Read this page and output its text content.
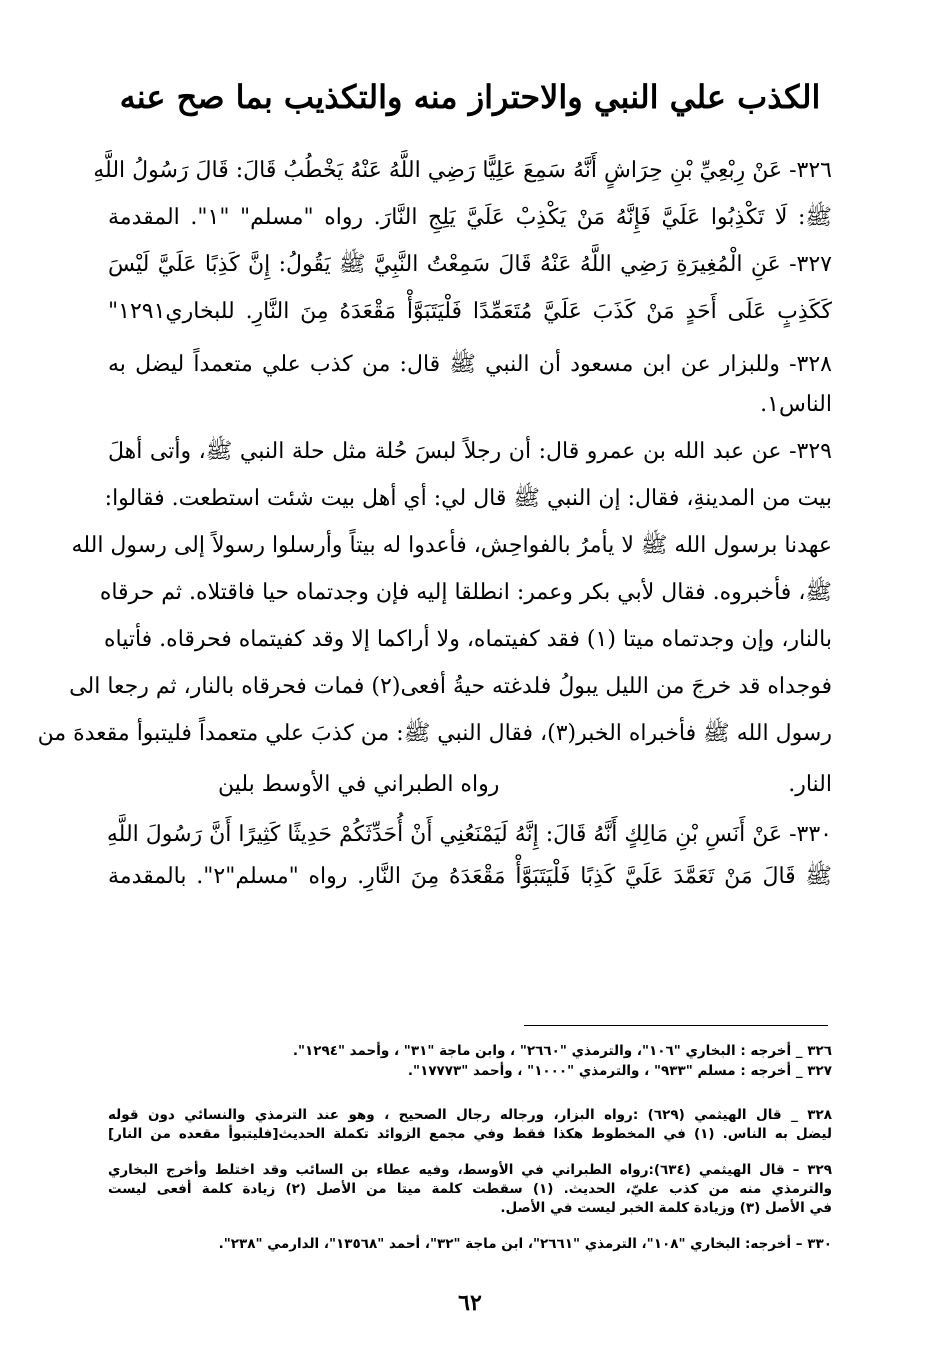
الكذب علي النبي والاحتراز منه والتكذيب بما صح عنه
٣٢٦- عَنْ رِبْعِيِّ بْنِ حِرَاشٍ أَنَّهُ سَمِعَ عَلِيًّا رَضِي اللَّهُ عَنْهُ يَخْطُبُ قَالَ: قَالَ رَسُولُ اللَّهِ
ﷺ: لَا تَكْذِبُوا عَلَيَّ فَإِنَّهُ مَنْ يَكْذِبْ عَلَيَّ يَلِجِ النَّارَ. رواه "مسلم" "١". المقدمة
٣٢٧- عَنِ الْمُغِيرَةِ رَضِي اللَّهُ عَنْهُ قَالَ سَمِعْتُ النَّبِيَّ ﷺ يَقُولُ: إِنَّ كَذِبًا عَلَيَّ لَيْسَ
كَكَذِبٍ عَلَى أَحَدٍ مَنْ كَذَبَ عَلَيَّ مُتَعَمِّدًا فَلْيَتَبَوَّأْ مَقْعَدَهُ مِنَ النَّارِ. للبخاري١٢٩١"
٣٢٨- وللبزار عن ابن مسعود أن النبي ﷺ قال: من كذب علي متعمداً ليضل به
الناس١.
٣٢٩- عن عبد الله بن عمرو قال: أن رجلاً لبسَ حُلة مثل حلة النبي ﷺ، وأتى أهلَ
بيت من المدينةِ، فقال: إن النبي ﷺ قال لي: أي أهل بيت شئت استطعت. فقالوا:
عهدنا برسول الله ﷺ لا يأمرُ بالفواحِش، فأعدوا له بيتاً وأرسلوا رسولاً إلى رسول الله
ﷺ، فأخبروه. فقال لأبي بكر وعمر: انطلقا إليه فإن وجدتماه حيا فاقتلاه. ثم حرقاه
بالنار، وإن وجدتماه ميتا (١) فقد كفيتماه، ولا أراكما إلا وقد كفيتماه فحرقاه. فأتياه
فوجداه قد خرجَ من الليل يبولُ فلدغته حيةُ أفعى(٢) فمات فحرقاه بالنار، ثم رجعا الى
رسول الله ﷺ فأخبراه الخبر(٣)، فقال النبي ﷺ: من كذبَ علي متعمداً فليتبوأ مقعدهَ من
النار.
رواه الطبراني في الأوسط بلين
٣٣٠- عَنْ أَنَسِ بْنِ مَالِكٍ أَنَّهُ قَالَ: إِنَّهُ لَيَمْنَعُنِي أَنْ أُحَدِّثَكُمْ حَدِيثًا كَثِيرًا أَنَّ رَسُولَ اللَّهِ
ﷺ قَالَ مَنْ تَعَمَّدَ عَلَيَّ كَذِبًا فَلْيَتَبَوَّأْ مَقْعَدَهُ مِنَ النَّارِ. رواه "مسلم"٢". بالمقدمة
٣٢٦ _ أخرجه : البخاري "١٠٦"، والترمذي "٢٦٦٠" ، وابن ماجة "٣١" ، وأحمد "١٢٩٤".
٣٢٧ _ أخرجه : مسلم "٩٣٣" ، والترمذي "١٠٠٠" ، وأحمد "١٧٧٧٣".
٣٢٨ _ قال الهيثمي (٦٢٩) :رواه البزار، ورجاله رجال الصحيح ، وهو عند الترمذي والنسائي دون قوله
ليضل به الناس. (١) في المخطوط هكذا فقط وفي مجمع الزوائد تكملة الحديث[فليتبوأ مقعده من النار]
٣٢٩ – قال الهيثمي (٦٣٤):رواه الطبراني في الأوسط، وفيه عطاء بن السائب وقد اختلط وأخرج البخاري
والترمذي منه من كذب عليّ، الحديث. (١) سقطت كلمة ميتا من الأصل (٢) زيادة كلمة أفعى ليست
في الأصل (٣) وزيادة كلمة الخبر ليست في الأصل.
٣٣٠ – أخرجه: البخاري "١٠٨"، الترمذي "٢٦٦١"، ابن ماجة "٣٢"، أحمد "١٣٥٦٨"، الدارمي "٢٣٨".
٦٢
